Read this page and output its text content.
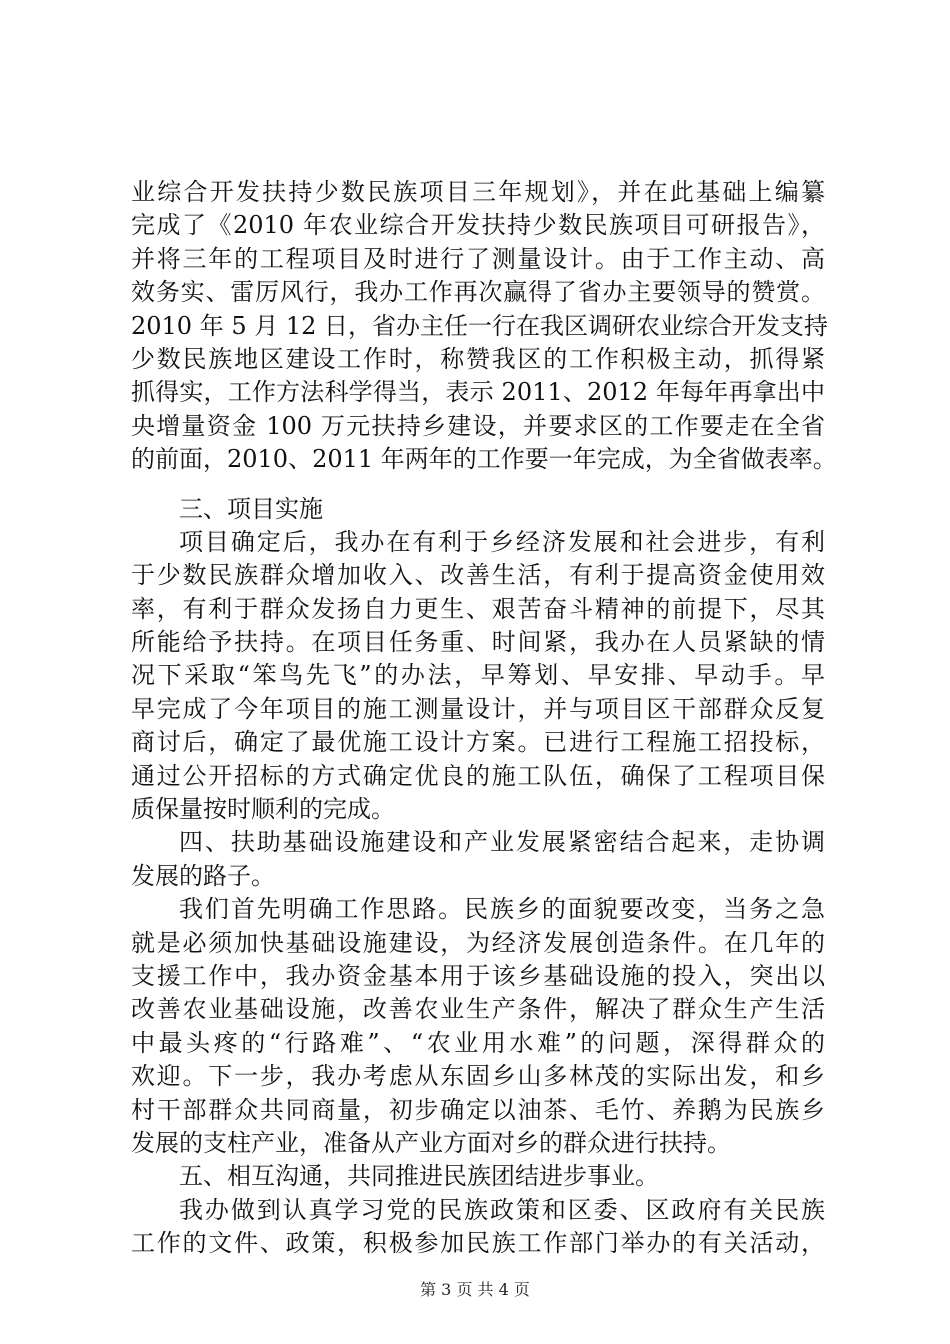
业综合开发扶持少数民族项目三年规划》，并在此基础上编纂
完成了《2010 年农业综合开发扶持少数民族项目可研报告》，
并将三年的工程项目及时进行了测量设计。由于工作主动、高
效务实、雷厉风行，我办工作再次赢得了省办主要领导的赞赏。
2010 年 5 月 12 日，省办主任一行在我区调研农业综合开发支持
少数民族地区建设工作时，称赞我区的工作积极主动，抓得紧
抓得实，工作方法科学得当，表示 2011、2012 年每年再拿出中
央增量资金 100 万元扶持乡建设，并要求区的工作要走在全省
的前面，2010、2011 年两年的工作要一年完成，为全省做表率。
三、项目实施
项目确定后，我办在有利于乡经济发展和社会进步，有利
于少数民族群众增加收入、改善生活，有利于提高资金使用效
率，有利于群众发扬自力更生、艰苦奋斗精神的前提下，尽其
所能给予扶持。在项目任务重、时间紧，我办在人员紧缺的情
况下采取“笨鸟先飞”的办法，早筹划、早安排、早动手。早
早完成了今年项目的施工测量设计，并与项目区干部群众反复
商讨后，确定了最优施工设计方案。已进行工程施工招投标，
通过公开招标的方式确定优良的施工队伍，确保了工程项目保
质保量按时顺利的完成。
四、扶助基础设施建设和产业发展紧密结合起来，走协调
发展的路子。
我们首先明确工作思路。民族乡的面貌要改变，当务之急
就是必须加快基础设施建设，为经济发展创造条件。在几年的
支援工作中，我办资金基本用于该乡基础设施的投入，突出以
改善农业基础设施，改善农业生产条件，解决了群众生产生活
中最头疼的“行路难”、“农业用水难”的问题，深得群众的
欢迎。下一步，我办考虑从东固乡山多林茂的实际出发，和乡
村干部群众共同商量，初步确定以油茶、毛竹、养鹅为民族乡
发展的支柱产业，准备从产业方面对乡的群众进行扶持。
五、相互沟通，共同推进民族团结进步事业。
我办做到认真学习党的民族政策和区委、区政府有关民族
工作的文件、政策，积极参加民族工作部门举办的有关活动，
第 3 页 共 4 页
